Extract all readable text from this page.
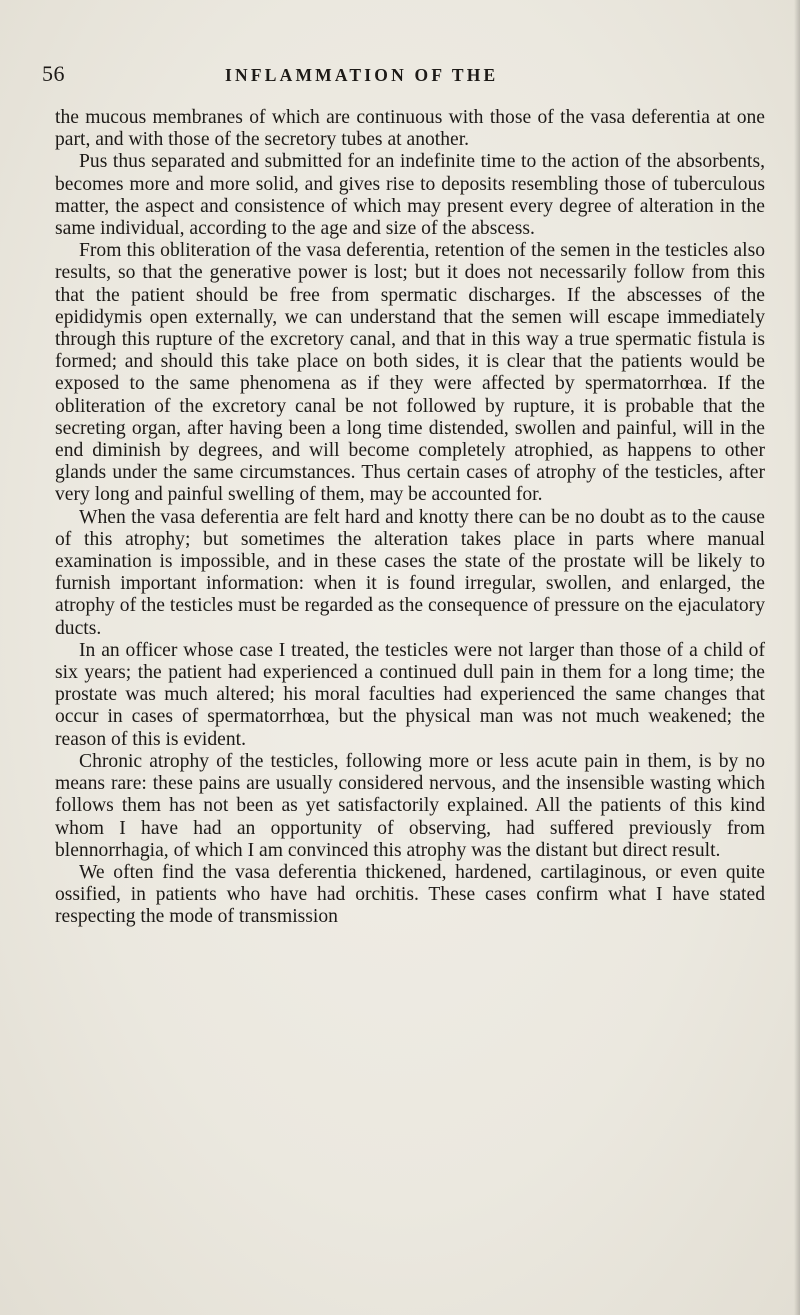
56	INFLAMMATION OF THE

the mucous membranes of which are continuous with those of the vasa deferentia at one part, and with those of the secretory tubes at another.

Pus thus separated and submitted for an indefinite time to the action of the absorbents, becomes more and more solid, and gives rise to deposits resembling those of tuberculous matter, the aspect and consistence of which may present every degree of alteration in the same individual, according to the age and size of the abscess.

From this obliteration of the vasa deferentia, retention of the semen in the testicles also results, so that the generative power is lost; but it does not necessarily follow from this that the patient should be free from spermatic discharges. If the abscesses of the epididymis open externally, we can understand that the semen will escape immediately through this rupture of the excretory canal, and that in this way a true spermatic fistula is formed; and should this take place on both sides, it is clear that the patients would be exposed to the same phenomena as if they were affected by spermatorrhœa. If the obliteration of the excretory canal be not followed by rupture, it is probable that the secreting organ, after having been a long time distended, swollen and painful, will in the end diminish by degrees, and will become completely atrophied, as happens to other glands under the same circumstances. Thus certain cases of atrophy of the testicles, after very long and painful swelling of them, may be accounted for.

When the vasa deferentia are felt hard and knotty there can be no doubt as to the cause of this atrophy; but sometimes the alteration takes place in parts where manual examination is impossible, and in these cases the state of the prostate will be likely to furnish important information: when it is found irregular, swollen, and enlarged, the atrophy of the testicles must be regarded as the consequence of pressure on the ejaculatory ducts.

In an officer whose case I treated, the testicles were not larger than those of a child of six years; the patient had experienced a continued dull pain in them for a long time; the prostate was much altered; his moral faculties had experienced the same changes that occur in cases of spermatorrhœa, but the physical man was not much weakened; the reason of this is evident.

Chronic atrophy of the testicles, following more or less acute pain in them, is by no means rare: these pains are usually considered nervous, and the insensible wasting which follows them has not been as yet satisfactorily explained. All the patients of this kind whom I have had an opportunity of observing, had suffered previously from blennorrhagia, of which I am convinced this atrophy was the distant but direct result.

We often find the vasa deferentia thickened, hardened, cartilaginous, or even quite ossified, in patients who have had orchitis. These cases confirm what I have stated respecting the mode of transmission
